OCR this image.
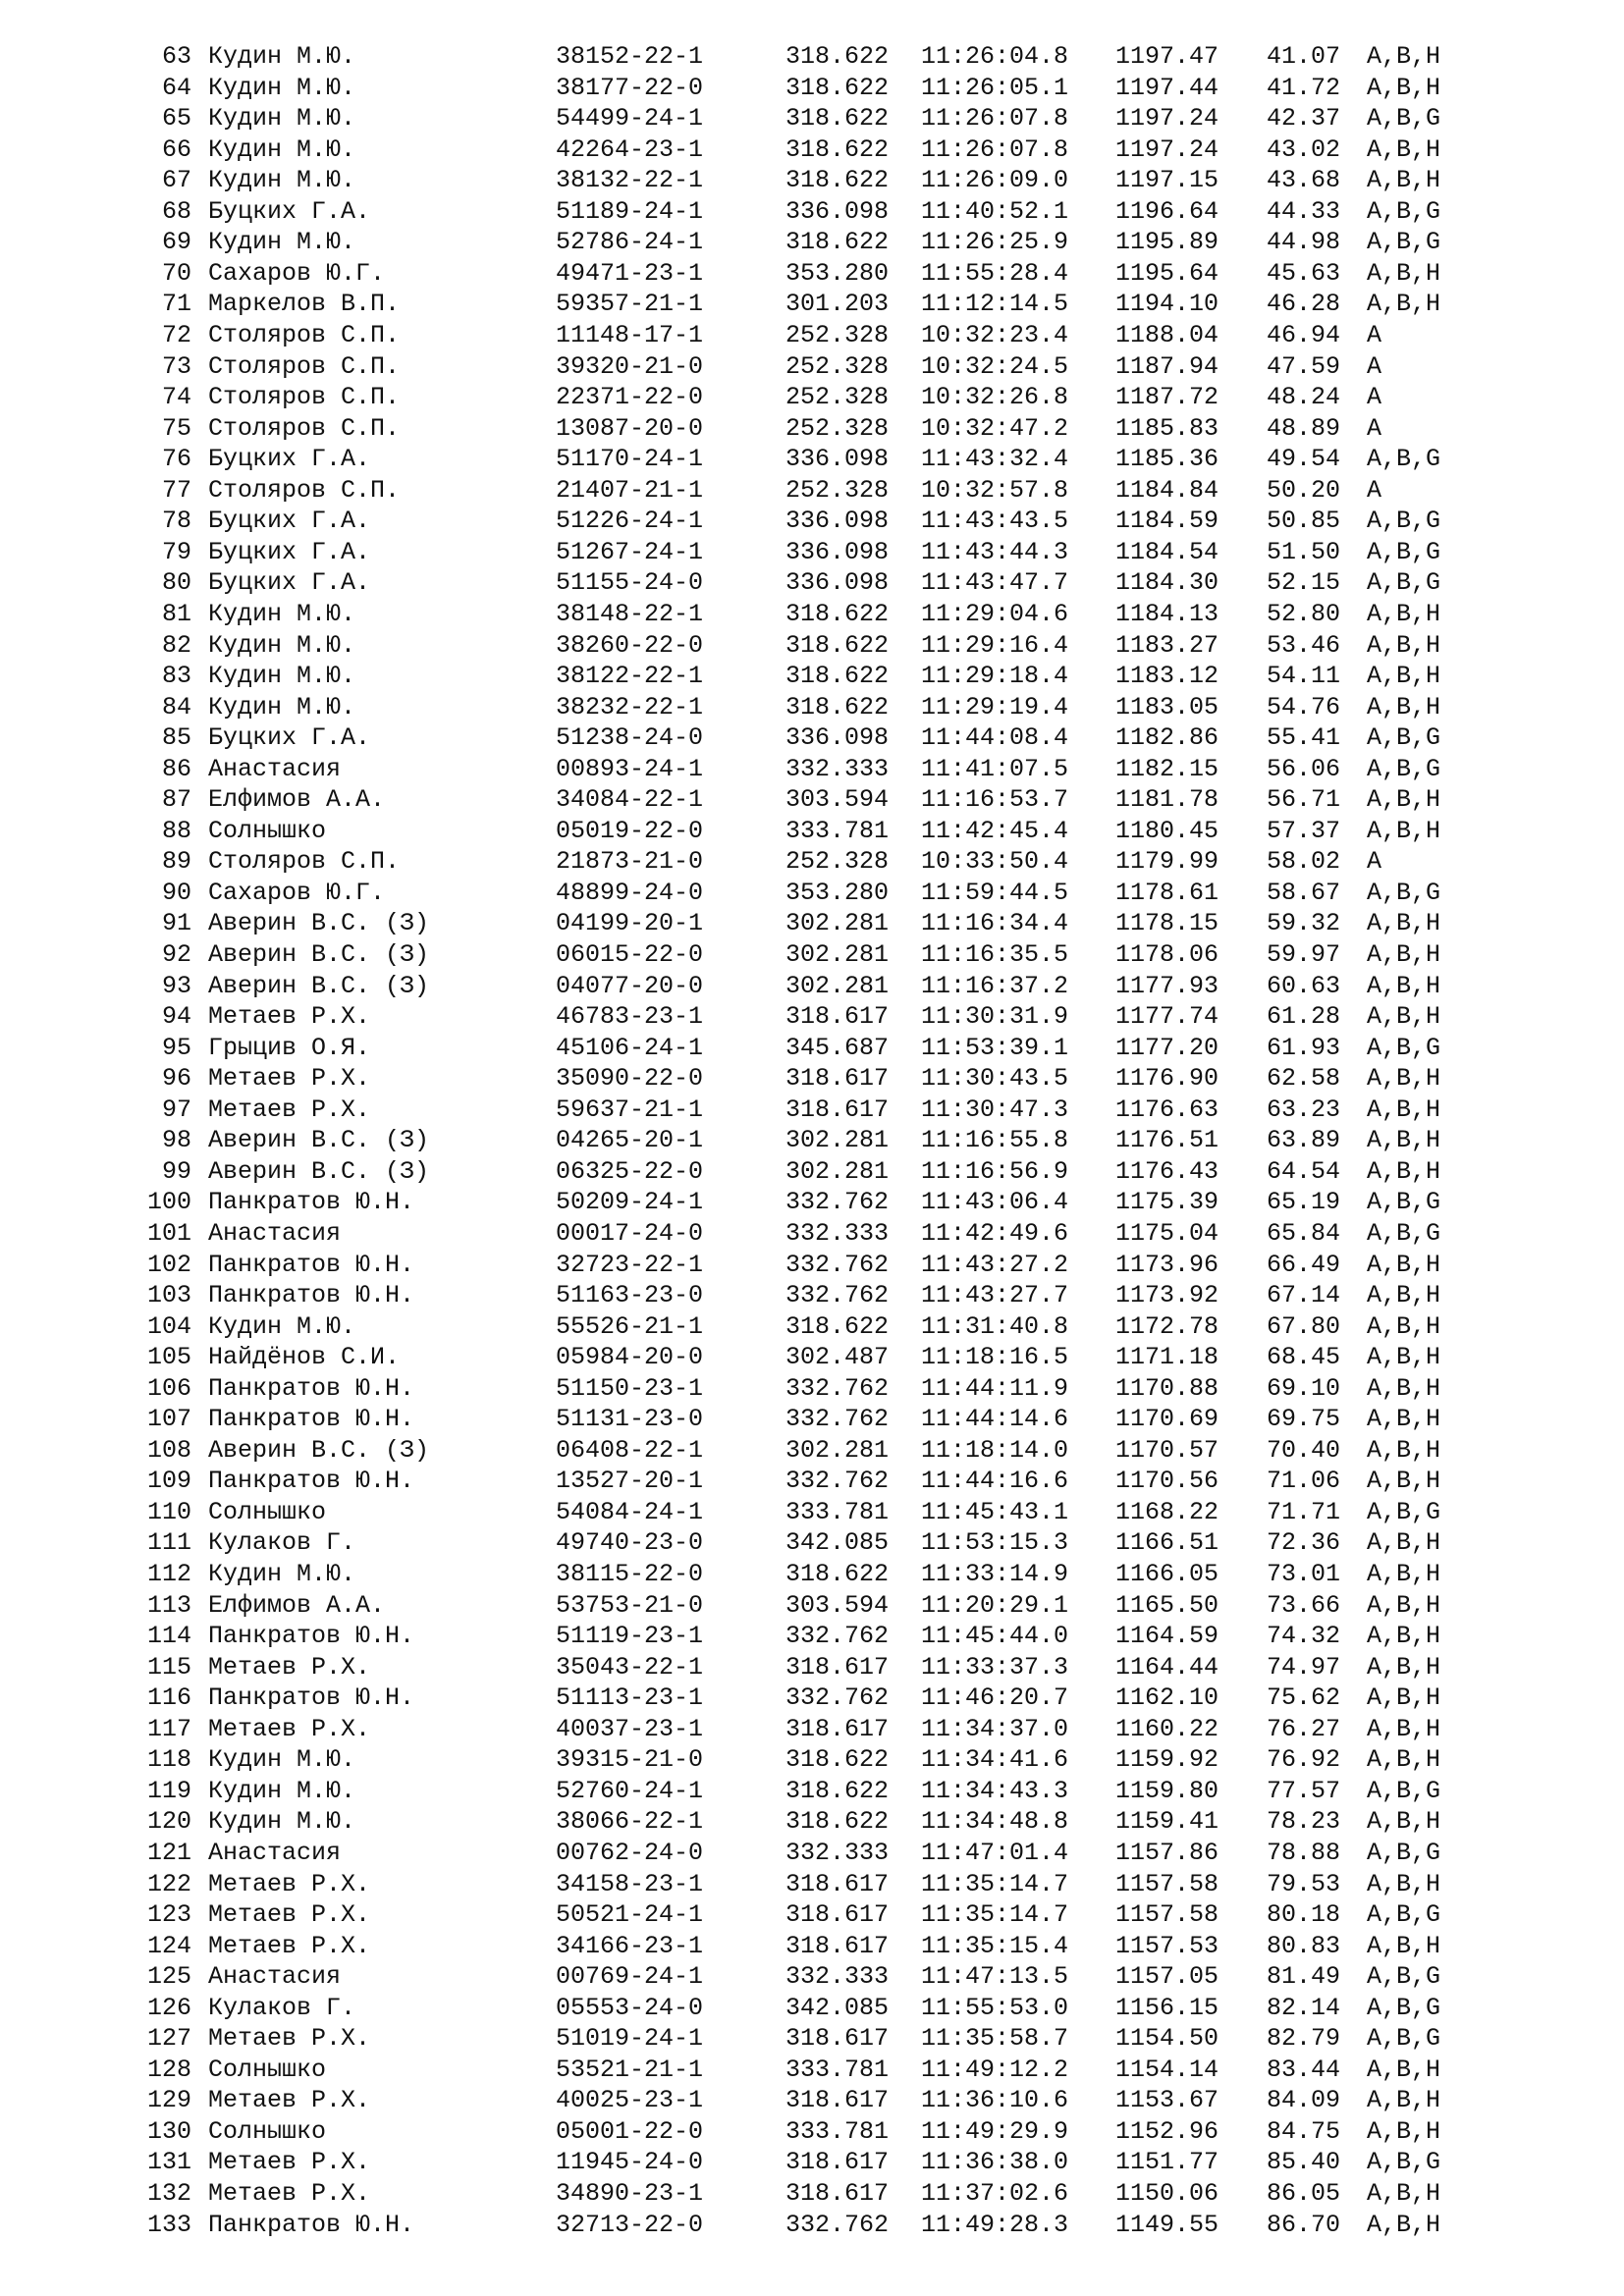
63 Кудин М.Ю.	38152-22-1	318.622 11:26:04.8 1197.47 41.07 A,B,H
64 Кудин М.Ю.	38177-22-0	318.622 11:26:05.1 1197.44 41.72 A,B,H
65 Кудин М.Ю.	54499-24-1	318.622 11:26:07.8 1197.24 42.37 A,B,G
66 Кудин М.Ю.	42264-23-1	318.622 11:26:07.8 1197.24 43.02 A,B,H
67 Кудин М.Ю.	38132-22-1	318.622 11:26:09.0 1197.15 43.68 A,B,H
68 Буцких Г.А.	51189-24-1	336.098 11:40:52.1 1196.64 44.33 A,B,G
69 Кудин М.Ю.	52786-24-1	318.622 11:26:25.9 1195.89 44.98 A,B,G
70 Сахаров Ю.Г.	49471-23-1	353.280 11:55:28.4 1195.64 45.63 A,B,H
71 Маркелов В.П.	59357-21-1	301.203 11:12:14.5 1194.10 46.28 A,B,H
72 Столяров С.П.	11148-17-1	252.328 10:32:23.4 1188.04 46.94 A
73 Столяров С.П.	39320-21-0	252.328 10:32:24.5 1187.94 47.59 A
74 Столяров С.П.	22371-22-0	252.328 10:32:26.8 1187.72 48.24 A
75 Столяров С.П.	13087-20-0	252.328 10:32:47.2 1185.83 48.89 A
76 Буцких Г.А.	51170-24-1	336.098 11:43:32.4 1185.36 49.54 A,B,G
77 Столяров С.П.	21407-21-1	252.328 10:32:57.8 1184.84 50.20 A
78 Буцких Г.А.	51226-24-1	336.098 11:43:43.5 1184.59 50.85 A,B,G
79 Буцких Г.А.	51267-24-1	336.098 11:43:44.3 1184.54 51.50 A,B,G
80 Буцких Г.А.	51155-24-0	336.098 11:43:47.7 1184.30 52.15 A,B,G
81 Кудин М.Ю.	38148-22-1	318.622 11:29:04.6 1184.13 52.80 A,B,H
82 Кудин М.Ю.	38260-22-0	318.622 11:29:16.4 1183.27 53.46 A,B,H
83 Кудин М.Ю.	38122-22-1	318.622 11:29:18.4 1183.12 54.11 A,B,H
84 Кудин М.Ю.	38232-22-1	318.622 11:29:19.4 1183.05 54.76 A,B,H
85 Буцких Г.А.	51238-24-0	336.098 11:44:08.4 1182.86 55.41 A,B,G
86 Анастасия	00893-24-1	332.333 11:41:07.5 1182.15 56.06 A,B,G
87 Елфимов А.А.	34084-22-1	303.594 11:16:53.7 1181.78 56.71 A,B,H
88 Солнышко	05019-22-0	333.781 11:42:45.4 1180.45 57.37 A,B,H
89 Столяров С.П.	21873-21-0	252.328 10:33:50.4 1179.99 58.02 A
90 Сахаров Ю.Г.	48899-24-0	353.280 11:59:44.5 1178.61 58.67 A,B,G
91 Аверин В.С. (З)	04199-20-1	302.281 11:16:34.4 1178.15 59.32 A,B,H
92 Аверин В.С. (З)	06015-22-0	302.281 11:16:35.5 1178.06 59.97 A,B,H
93 Аверин В.С. (З)	04077-20-0	302.281 11:16:37.2 1177.93 60.63 A,B,H
94 Метаев Р.Х.	46783-23-1	318.617 11:30:31.9 1177.74 61.28 A,B,H
95 Грыцив О.Я.	45106-24-1	345.687 11:53:39.1 1177.20 61.93 A,B,G
96 Метаев Р.Х.	35090-22-0	318.617 11:30:43.5 1176.90 62.58 A,B,H
97 Метаев Р.Х.	59637-21-1	318.617 11:30:47.3 1176.63 63.23 A,B,H
98 Аверин В.С. (З)	04265-20-1	302.281 11:16:55.8 1176.51 63.89 A,B,H
99 Аверин В.С. (З)	06325-22-0	302.281 11:16:56.9 1176.43 64.54 A,B,H
100 Панкратов Ю.Н.	50209-24-1	332.762 11:43:06.4 1175.39 65.19 A,B,G
101 Анастасия	00017-24-0	332.333 11:42:49.6 1175.04 65.84 A,B,G
102 Панкратов Ю.Н.	32723-22-1	332.762 11:43:27.2 1173.96 66.49 A,B,H
103 Панкратов Ю.Н.	51163-23-0	332.762 11:43:27.7 1173.92 67.14 A,B,H
104 Кудин М.Ю.	55526-21-1	318.622 11:31:40.8 1172.78 67.80 A,B,H
105 Найдёнов С.И.	05984-20-0	302.487 11:18:16.5 1171.18 68.45 A,B,H
106 Панкратов Ю.Н.	51150-23-1	332.762 11:44:11.9 1170.88 69.10 A,B,H
107 Панкратов Ю.Н.	51131-23-0	332.762 11:44:14.6 1170.69 69.75 A,B,H
108 Аверин В.С. (З)	06408-22-1	302.281 11:18:14.0 1170.57 70.40 A,B,H
109 Панкратов Ю.Н.	13527-20-1	332.762 11:44:16.6 1170.56 71.06 A,B,H
110 Солнышко	54084-24-1	333.781 11:45:43.1 1168.22 71.71 A,B,G
111 Кулаков Г.	49740-23-0	342.085 11:53:15.3 1166.51 72.36 A,B,H
112 Кудин М.Ю.	38115-22-0	318.622 11:33:14.9 1166.05 73.01 A,B,H
113 Елфимов А.А.	53753-21-0	303.594 11:20:29.1 1165.50 73.66 A,B,H
114 Панкратов Ю.Н.	51119-23-1	332.762 11:45:44.0 1164.59 74.32 A,B,H
115 Метаев Р.Х.	35043-22-1	318.617 11:33:37.3 1164.44 74.97 A,B,H
116 Панкратов Ю.Н.	51113-23-1	332.762 11:46:20.7 1162.10 75.62 A,B,H
117 Метаев Р.Х.	40037-23-1	318.617 11:34:37.0 1160.22 76.27 A,B,H
118 Кудин М.Ю.	39315-21-0	318.622 11:34:41.6 1159.92 76.92 A,B,H
119 Кудин М.Ю.	52760-24-1	318.622 11:34:43.3 1159.80 77.57 A,B,G
120 Кудин М.Ю.	38066-22-1	318.622 11:34:48.8 1159.41 78.23 A,B,H
121 Анастасия	00762-24-0	332.333 11:47:01.4 1157.86 78.88 A,B,G
122 Метаев Р.Х.	34158-23-1	318.617 11:35:14.7 1157.58 79.53 A,B,H
123 Метаев Р.Х.	50521-24-1	318.617 11:35:14.7 1157.58 80.18 A,B,G
124 Метаев Р.Х.	34166-23-1	318.617 11:35:15.4 1157.53 80.83 A,B,H
125 Анастасия	00769-24-1	332.333 11:47:13.5 1157.05 81.49 A,B,G
126 Кулаков Г.	05553-24-0	342.085 11:55:53.0 1156.15 82.14 A,B,G
127 Метаев Р.Х.	51019-24-1	318.617 11:35:58.7 1154.50 82.79 A,B,G
128 Солнышко	53521-21-1	333.781 11:49:12.2 1154.14 83.44 A,B,H
129 Метаев Р.Х.	40025-23-1	318.617 11:36:10.6 1153.67 84.09 A,B,H
130 Солнышко	05001-22-0	333.781 11:49:29.9 1152.96 84.75 A,B,H
131 Метаев Р.Х.	11945-24-0	318.617 11:36:38.0 1151.77 85.40 A,B,G
132 Метаев Р.Х.	34890-23-1	318.617 11:37:02.6 1150.06 86.05 A,B,H
133 Панкратов Ю.Н.	32713-22-0	332.762 11:49:28.3 1149.55 86.70 A,B,H
